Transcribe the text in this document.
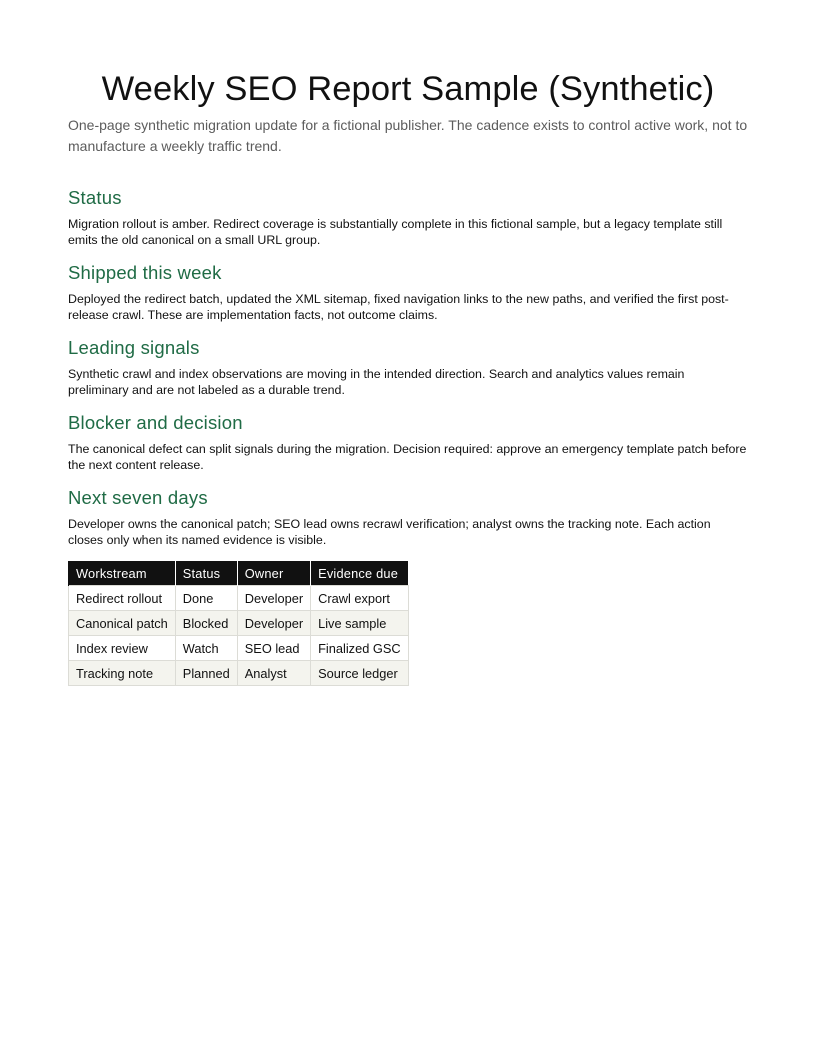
Weekly SEO Report Sample (Synthetic)

One-page synthetic migration update for a fictional publisher. The cadence exists to control active work, not to manufacture a weekly traffic trend.

Status

Migration rollout is amber. Redirect coverage is substantially complete in this fictional sample, but a legacy template still emits the old canonical on a small URL group.

Shipped this week

Deployed the redirect batch, updated the XML sitemap, fixed navigation links to the new paths, and verified the first post-release crawl. These are implementation facts, not outcome claims.

Leading signals

Synthetic crawl and index observations are moving in the intended direction. Search and analytics values remain preliminary and are not labeled as a durable trend.

Blocker and decision

The canonical defect can split signals during the migration. Decision required: approve an emergency template patch before the next content release.

Next seven days

Developer owns the canonical patch; SEO lead owns recrawl verification; analyst owns the tracking note. Each action closes only when its named evidence is visible.

Workstream	Status	Owner	Evidence due
Redirect rollout	Done	Developer	Crawl export
Canonical patch	Blocked	Developer	Live sample
Index review	Watch	SEO lead	Finalized GSC
Tracking note	Planned	Analyst	Source ledger
